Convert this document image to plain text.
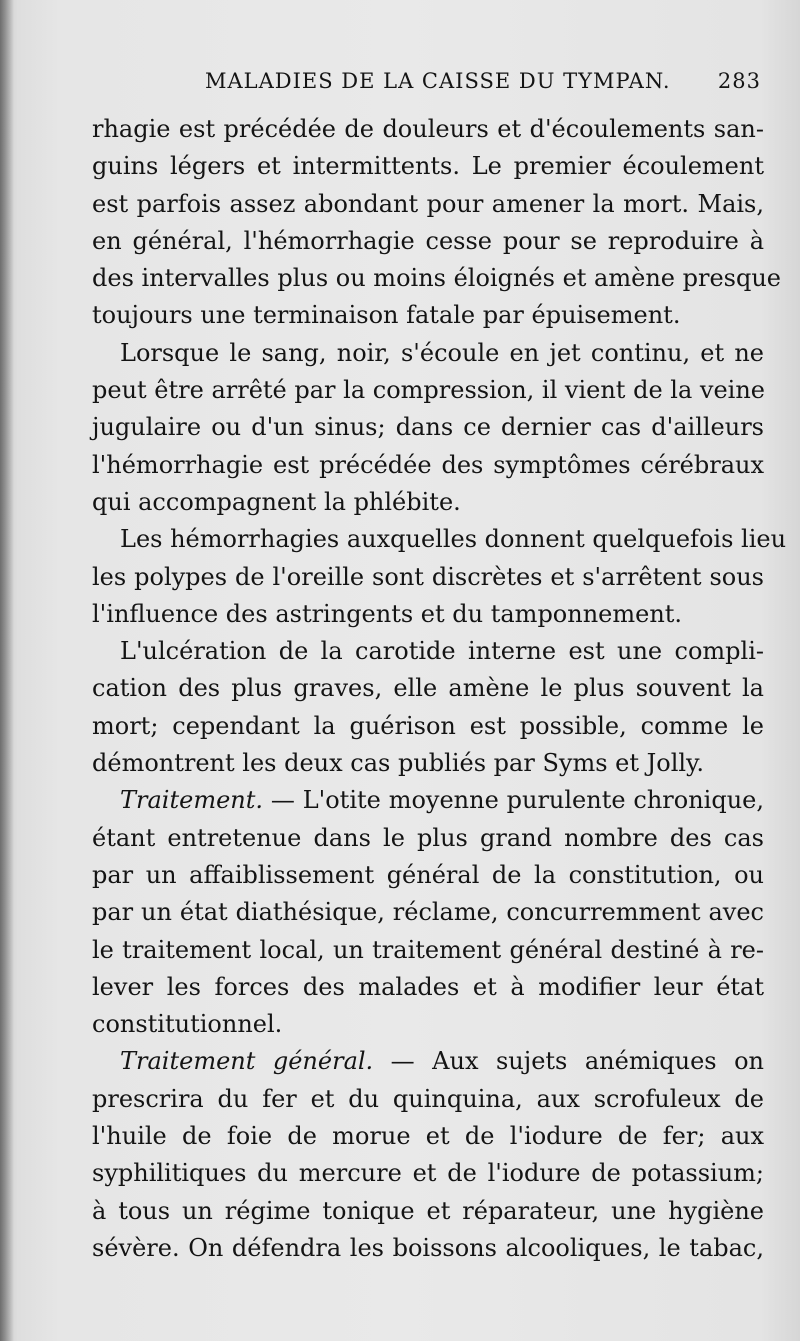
MALADIES DE LA CAISSE DU TYMPAN. 283
rhagie est précédée de douleurs et d'écoulements san-
guins légers et intermittents. Le premier écoulement
est parfois assez abondant pour amener la mort. Mais,
en général, l'hémorrhagie cesse pour se reproduire à
des intervalles plus ou moins éloignés et amène presque
toujours une terminaison fatale par épuisement.
Lorsque le sang, noir, s'écoule en jet continu, et ne
peut être arrêté par la compression, il vient de la veine
jugulaire ou d'un sinus; dans ce dernier cas d'ailleurs
l'hémorrhagie est précédée des symptômes cérébraux
qui accompagnent la phlébite.
Les hémorrhagies auxquelles donnent quelquefois lieu
les polypes de l'oreille sont discrètes et s'arrêtent sous
l'influence des astringents et du tamponnement.
L'ulcération de la carotide interne est une compli-
cation des plus graves, elle amène le plus souvent la
mort; cependant la guérison est possible, comme le
démontrent les deux cas publiés par Syms et Jolly.
Traitement. — L'otite moyenne purulente chronique,
étant entretenue dans le plus grand nombre des cas
par un affaiblissement général de la constitution, ou
par un état diathésique, réclame, concurremment avec
le traitement local, un traitement général destiné à re-
lever les forces des malades et à modifier leur état
constitutionnel.
Traitement général. — Aux sujets anémiques on
prescrira du fer et du quinquina, aux scrofuleux de
l'huile de foie de morue et de l'iodure de fer; aux
syphilitiques du mercure et de l'iodure de potassium;
à tous un régime tonique et réparateur, une hygiène
sévère. On défendra les boissons alcooliques, le tabac,
